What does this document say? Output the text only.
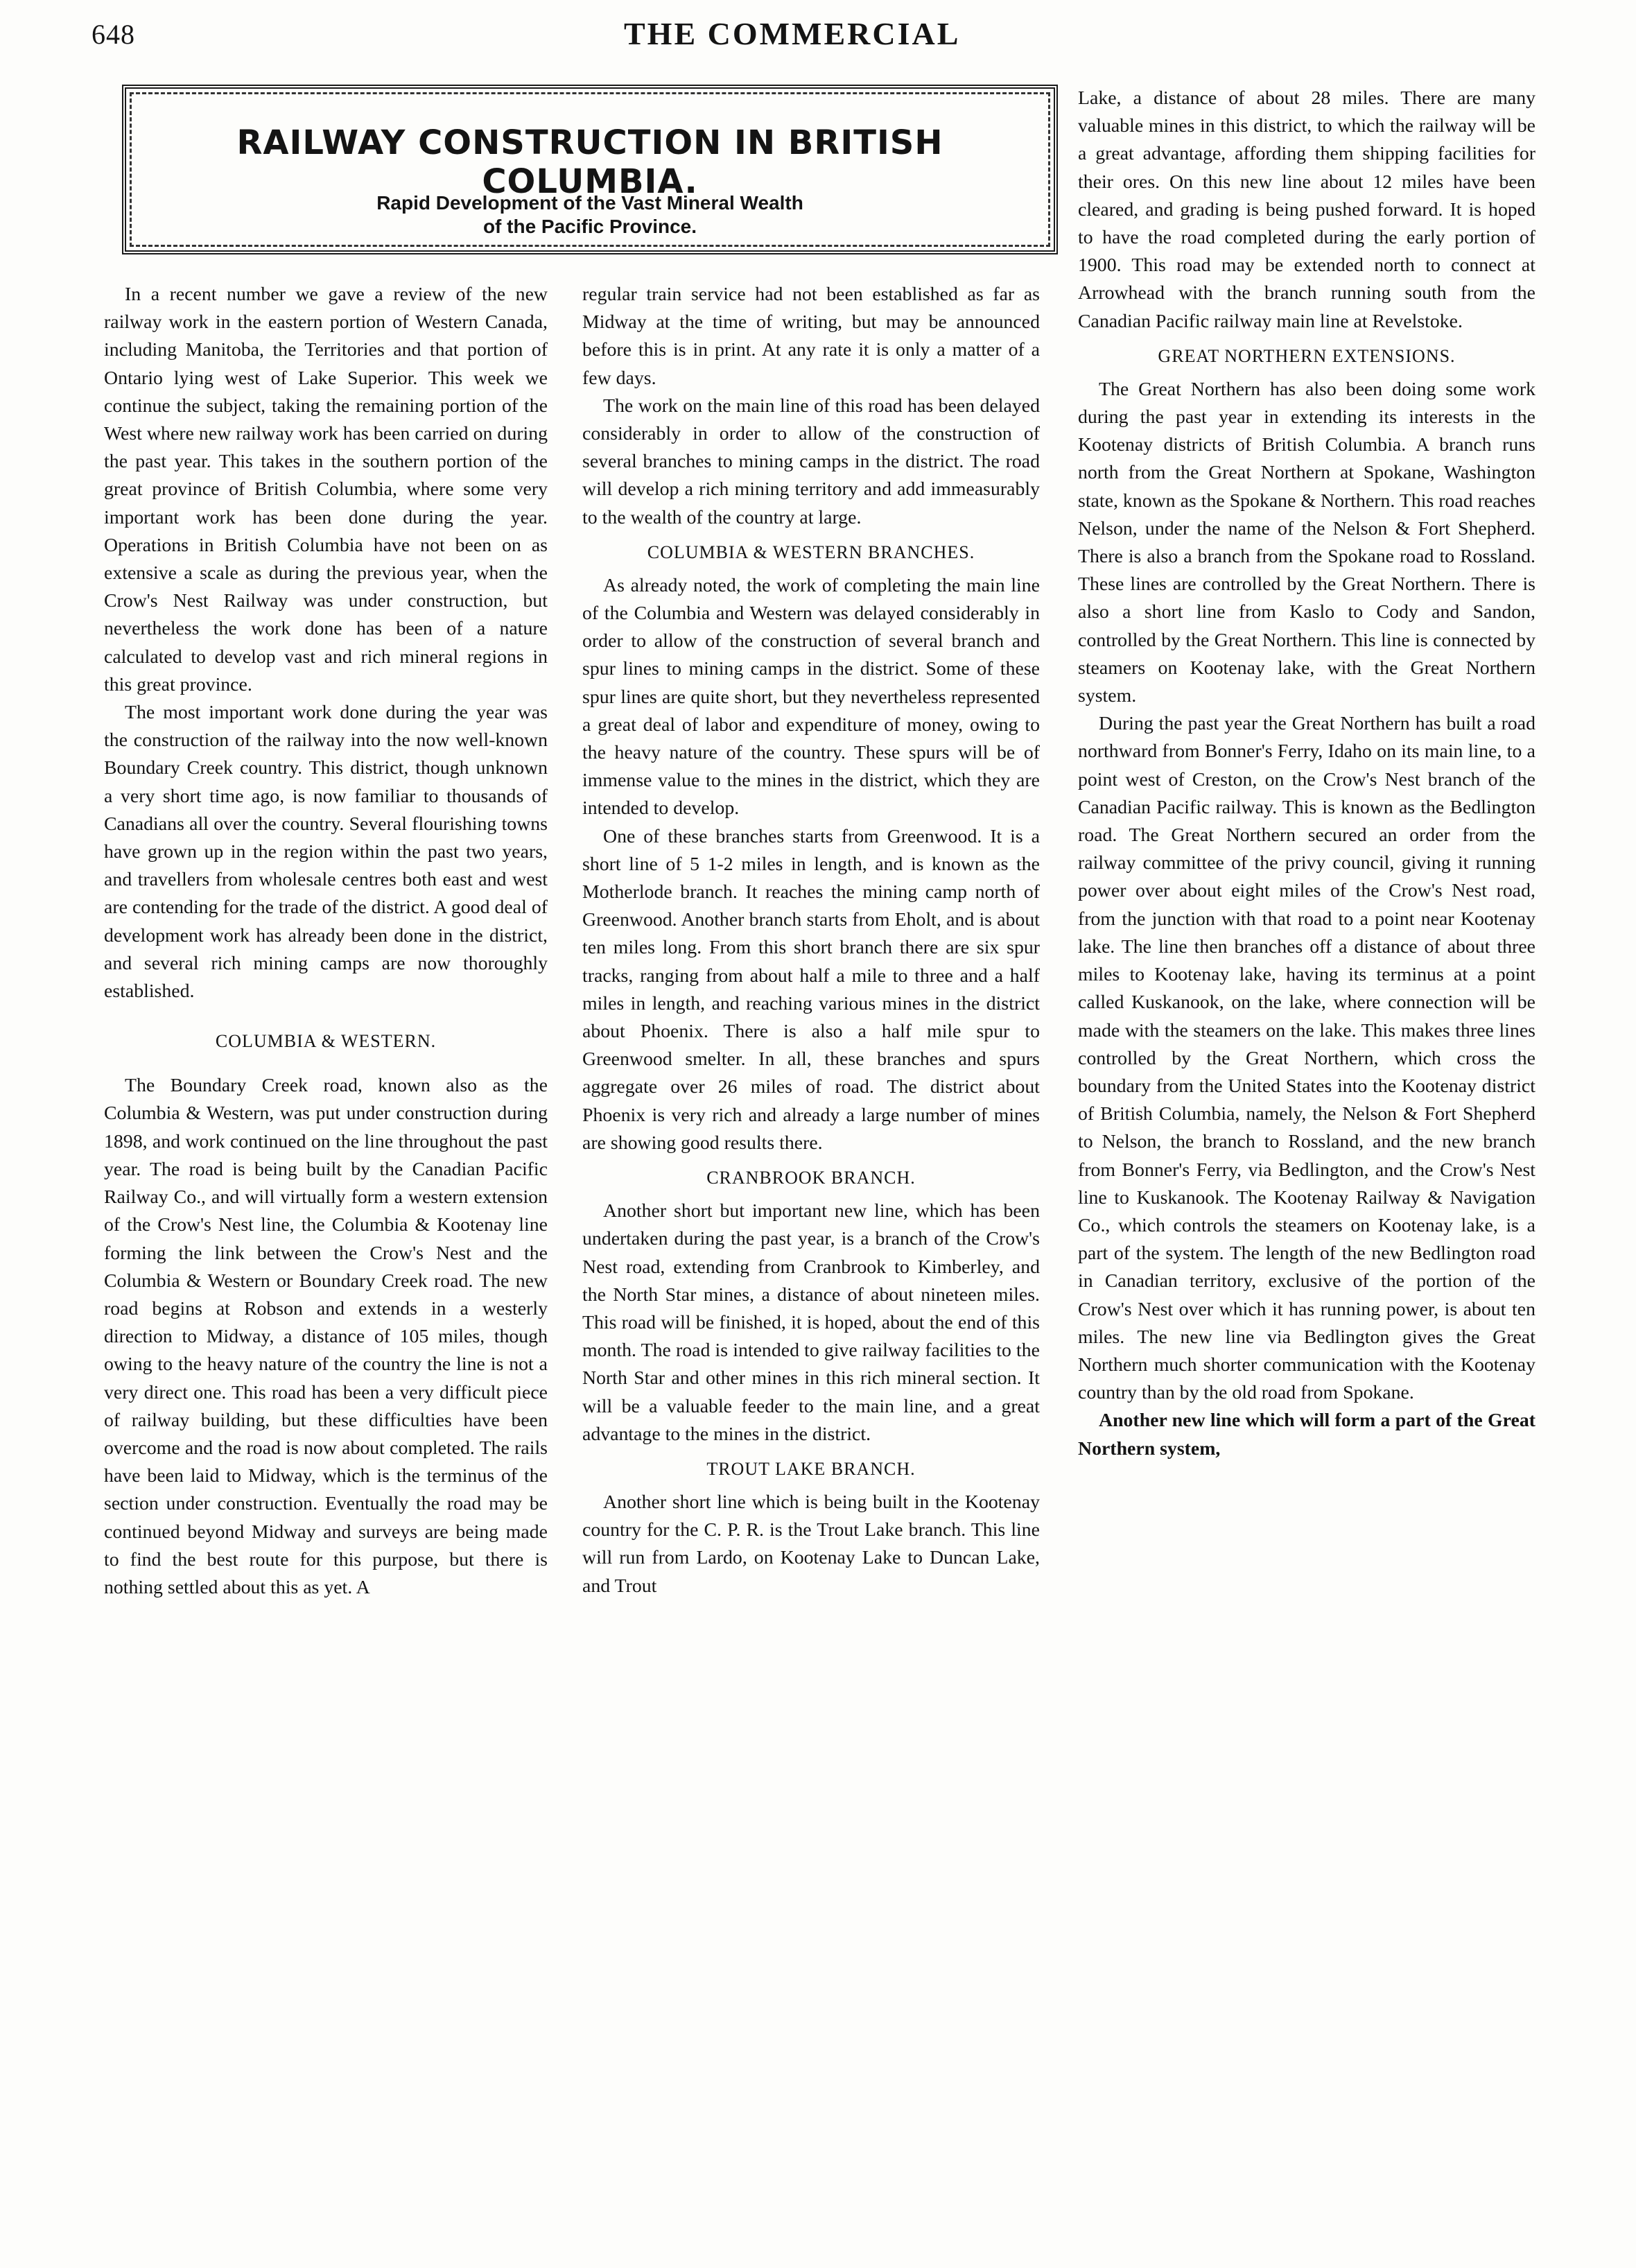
648	THE COMMERCIAL
RAILWAY CONSTRUCTION IN BRITISH COLUMBIA.
Rapid Development of the Vast Mineral Wealth
of the Pacific Province.

In a recent number we gave a review of the new railway work in the eastern portion of Western Canada, including Manitoba, the Territories and that portion of Ontario lying west of Lake Superior. This week we continue the subject, taking the remaining portion of the West where new railway work has been carried on during the past year. This takes in the southern portion of the great province of British Columbia, where some very important work has been done during the year. Operations in British Columbia have not been on as extensive a scale as during the previous year, when the Crow's Nest Railway was under construction, but nevertheless the work done has been of a nature calculated to develop vast and rich mineral regions in this great province.

The most important work done during the year was the construction of the railway into the now well-known Boundary Creek country. This district, though unknown a very short time ago, is now familiar to thousands of Canadians all over the country. Several flourishing towns have grown up in the region within the past two years, and travellers from wholesale centres both east and west are contending for the trade of the district. A good deal of development work has already been done in the district, and several rich mining camps are now thoroughly established.

COLUMBIA & WESTERN.

The Boundary Creek road, known also as the Columbia & Western, was put under construction during 1898, and work continued on the line throughout the past year. The road is being built by the Canadian Pacific Railway Co., and will virtually form a western extension of the Crow's Nest line, the Columbia & Kootenay line forming the link between the Crow's Nest and the Columbia & Western or Boundary Creek road. The new road begins at Robson and extends in a westerly direction to Midway, a distance of 105 miles, though owing to the heavy nature of the country the line is not a very direct one. This road has been a very difficult piece of railway building, but these difficulties have been overcome and the road is now about completed. The rails have been laid to Midway, which is the terminus of the section under construction. Eventually the road may be continued beyond Midway and surveys are being made to find the best route for this purpose, but there is nothing settled about this as yet. A

regular train service had not been established as far as Midway at the time of writing, but may be announced before this is in print. At any rate it is only a matter of a few days.

The work on the main line of this road has been delayed considerably in order to allow of the construction of several branches to mining camps in the district. The road will develop a rich mining territory and add immeasurably to the wealth of the country at large.

COLUMBIA & WESTERN BRANCHES.

As already noted, the work of completing the main line of the Columbia and Western was delayed considerably in order to allow of the construction of several branch and spur lines to mining camps in the district. Some of these spur lines are quite short, but they nevertheless represented a great deal of labor and expenditure of money, owing to the heavy nature of the country. These spurs will be of immense value to the mines in the district, which they are intended to develop.

One of these branches starts from Greenwood. It is a short line of 5 1-2 miles in length, and is known as the Motherlode branch. It reaches the mining camp north of Greenwood. Another branch starts from Eholt, and is about ten miles long. From this short branch there are six spur tracks, ranging from about half a mile to three and a half miles in length, and reaching various mines in the district about Phoenix. There is also a half mile spur to Greenwood smelter. In all, these branches and spurs aggregate over 26 miles of road. The district about Phoenix is very rich and already a large number of mines are showing good results there.

CRANBROOK BRANCH.

Another short but important new line, which has been undertaken during the past year, is a branch of the Crow's Nest road, extending from Cranbrook to Kimberley, and the North Star mines, a distance of about nineteen miles. This road will be finished, it is hoped, about the end of this month. The road is intended to give railway facilities to the North Star and other mines in this rich mineral section. It will be a valuable feeder to the main line, and a great advantage to the mines in the district.

TROUT LAKE BRANCH.

Another short line which is being built in the Kootenay country for the C. P. R. is the Trout Lake branch. This line will run from Lardo, on Kootenay Lake to Duncan Lake, and Trout

Lake, a distance of about 28 miles. There are many valuable mines in this district, to which the railway will be a great advantage, affording them shipping facilities for their ores. On this new line about 12 miles have been cleared, and grading is being pushed forward. It is hoped to have the road completed during the early portion of 1900. This road may be extended north to connect at Arrowhead with the branch running south from the Canadian Pacific railway main line at Revelstoke.

GREAT NORTHERN EXTENSIONS.

The Great Northern has also been doing some work during the past year in extending its interests in the Kootenay districts of British Columbia. A branch runs north from the Great Northern at Spokane, Washington state, known as the Spokane & Northern. This road reaches Nelson, under the name of the Nelson & Fort Shepherd. There is also a branch from the Spokane road to Rossland. These lines are controlled by the Great Northern. There is also a short line from Kaslo to Cody and Sandon, controlled by the Great Northern. This line is connected by steamers on Kootenay lake, with the Great Northern system.

During the past year the Great Northern has built a road northward from Bonner's Ferry, Idaho on its main line, to a point west of Creston, on the Crow's Nest branch of the Canadian Pacific railway. This is known as the Bedlington road. The Great Northern secured an order from the railway committee of the privy council, giving it running power over about eight miles of the Crow's Nest road, from the junction with that road to a point near Kootenay lake. The line then branches off a distance of about three miles to Kootenay lake, having its terminus at a point called Kuskanook, on the lake, where connection will be made with the steamers on the lake. This makes three lines controlled by the Great Northern, which cross the boundary from the United States into the Kootenay district of British Columbia, namely, the Nelson & Fort Shepherd to Nelson, the branch to Rossland, and the new branch from Bonner's Ferry, via Bedlington, and the Crow's Nest line to Kuskanook. The Kootenay Railway & Navigation Co., which controls the steamers on Kootenay lake, is a part of the system. The length of the new Bedlington road in Canadian territory, exclusive of the portion of the Crow's Nest over which it has running power, is about ten miles. The new line via Bedlington gives the Great Northern much shorter communication with the Kootenay country than by the old road from Spokane.

Another new line which will form a part of the Great Northern system,
